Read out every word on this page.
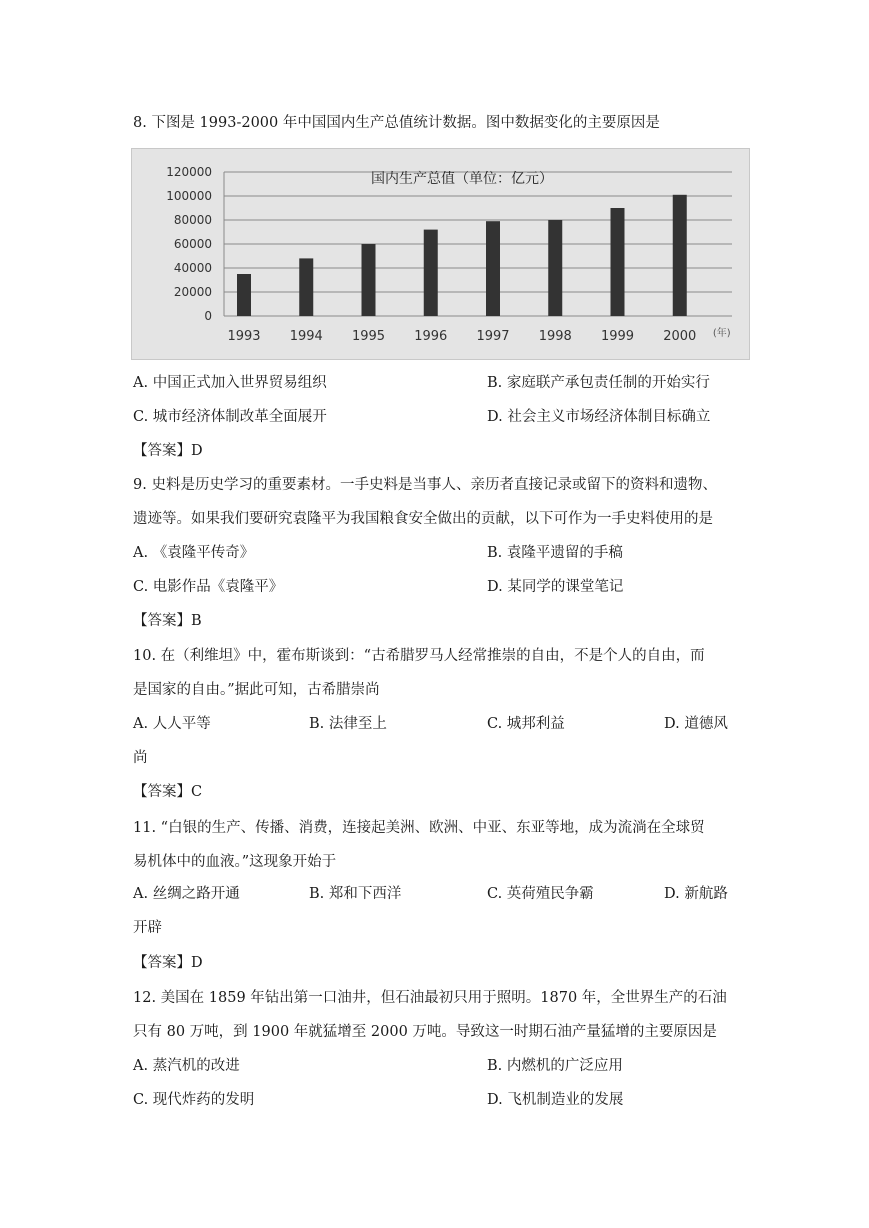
8. 下图是 1993-2000 年中国国内生产总值统计数据。图中数据变化的主要原因是
0
20000
40000
60000
80000
100000
120000	国内生产总值（单位：亿元）
1993 1994 1995 1996 1997 1998 1999 2000 (年)
A. 中国正式加入世界贸易组织	B. 家庭联产承包责任制的开始实行
C. 城市经济体制改革全面展开	D. 社会主义市场经济体制目标确立
【答案】D
9. 史料是历史学习的重要素材。一手史料是当事人、亲历者直接记录或留下的资料和遗物、
遗迹等。如果我们要研究袁隆平为我国粮食安全做出的贡献，以下可作为一手史料使用的是
A. 《袁隆平传奇》	B. 袁隆平遗留的手稿
C. 电影作品《袁隆平》	D. 某同学的课堂笔记
【答案】B
10. 在（利维坦》中，霍布斯谈到：“古希腊罗马人经常推崇的自由，不是个人的自由，而
是国家的自由。”据此可知，古希腊崇尚
A. 人人平等	B. 法律至上	C. 城邦利益	D. 道德风
尚
【答案】C
11. “白银的生产、传播、消费，连接起美洲、欧洲、中亚、东亚等地，成为流淌在全球贸
易机体中的血液。”这现象开始于
A. 丝绸之路开通	B. 郑和下西洋	C. 英荷殖民争霸	D. 新航路
开辟
【答案】D
12. 美国在 1859 年钻出第一口油井，但石油最初只用于照明。1870 年，全世界生产的石油
只有 80 万吨，到 1900 年就猛增至 2000 万吨。导致这一时期石油产量猛增的主要原因是
A. 蒸汽机的改进	B. 内燃机的广泛应用
C. 现代炸药的发明	D. 飞机制造业的发展
